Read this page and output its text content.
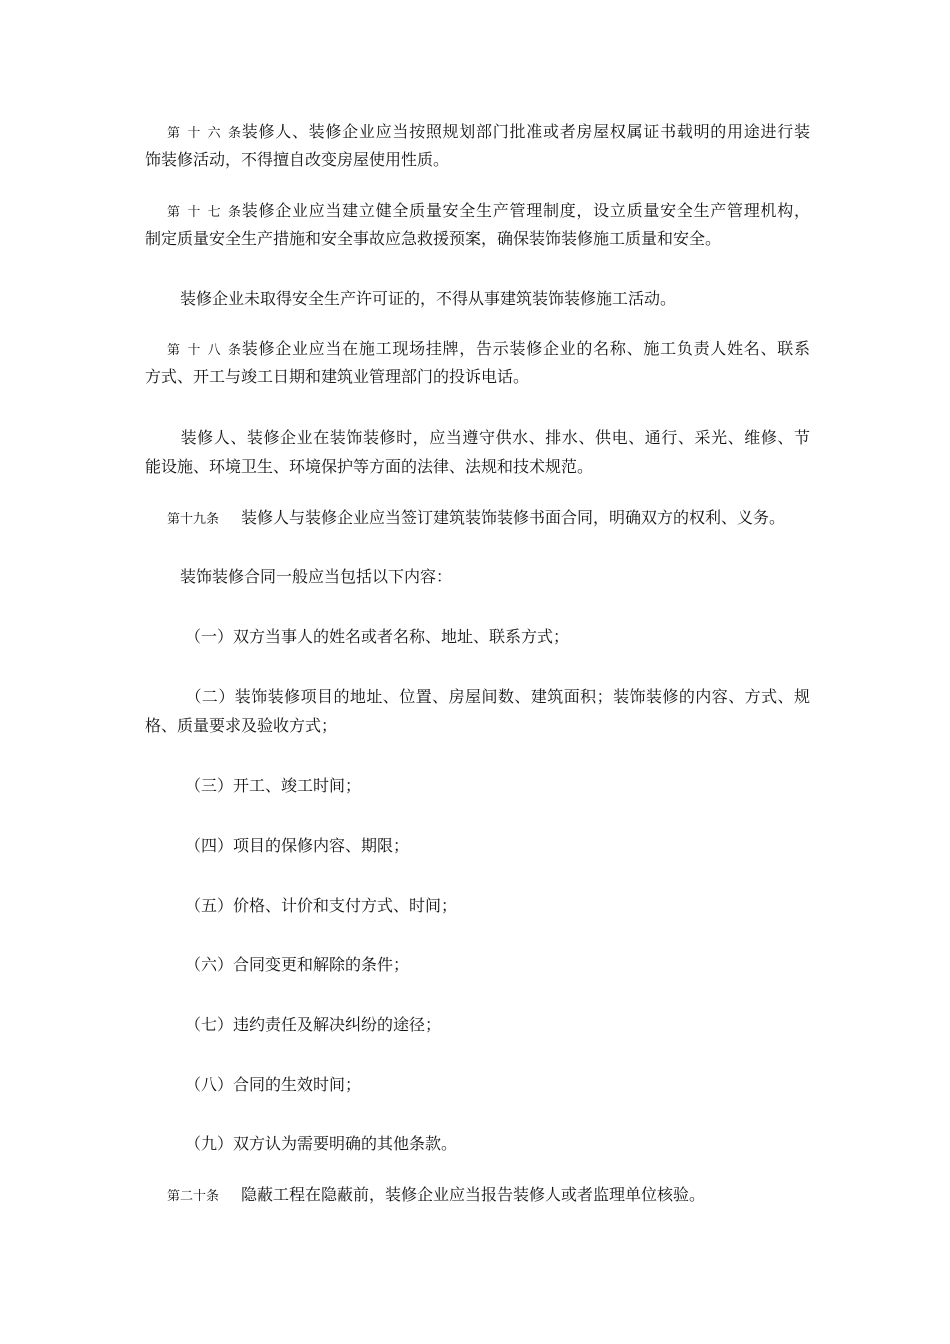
第十六条装修人、装修企业应当按照规划部门批准或者房屋权属证书载明的用途进行装
饰装修活动，不得擅自改变房屋使用性质。
第十七条装修企业应当建立健全质量安全生产管理制度，设立质量安全生产管理机构，
制定质量安全生产措施和安全事故应急救援预案，确保装饰装修施工质量和安全。
装修企业未取得安全生产许可证的，不得从事建筑装饰装修施工活动。
第十八条装修企业应当在施工现场挂牌，告示装修企业的名称、施工负责人姓名、联系
方式、开工与竣工日期和建筑业管理部门的投诉电话。
装修人、装修企业在装饰装修时，应当遵守供水、排水、供电、通行、采光、维修、节
能设施、环境卫生、环境保护等方面的法律、法规和技术规范。
第十九条 装修人与装修企业应当签订建筑装饰装修书面合同，明确双方的权利、义务。
装饰装修合同一般应当包括以下内容：
（一）双方当事人的姓名或者名称、地址、联系方式；
（二）装饰装修项目的地址、位置、房屋间数、建筑面积；装饰装修的内容、方式、规
格、质量要求及验收方式；
（三）开工、竣工时间；
（四）项目的保修内容、期限；
（五）价格、计价和支付方式、时间；
（六）合同变更和解除的条件；
（七）违约责任及解决纠纷的途径；
（八）合同的生效时间；
（九）双方认为需要明确的其他条款。
第二十条 隐蔽工程在隐蔽前，装修企业应当报告装修人或者监理单位核验。
